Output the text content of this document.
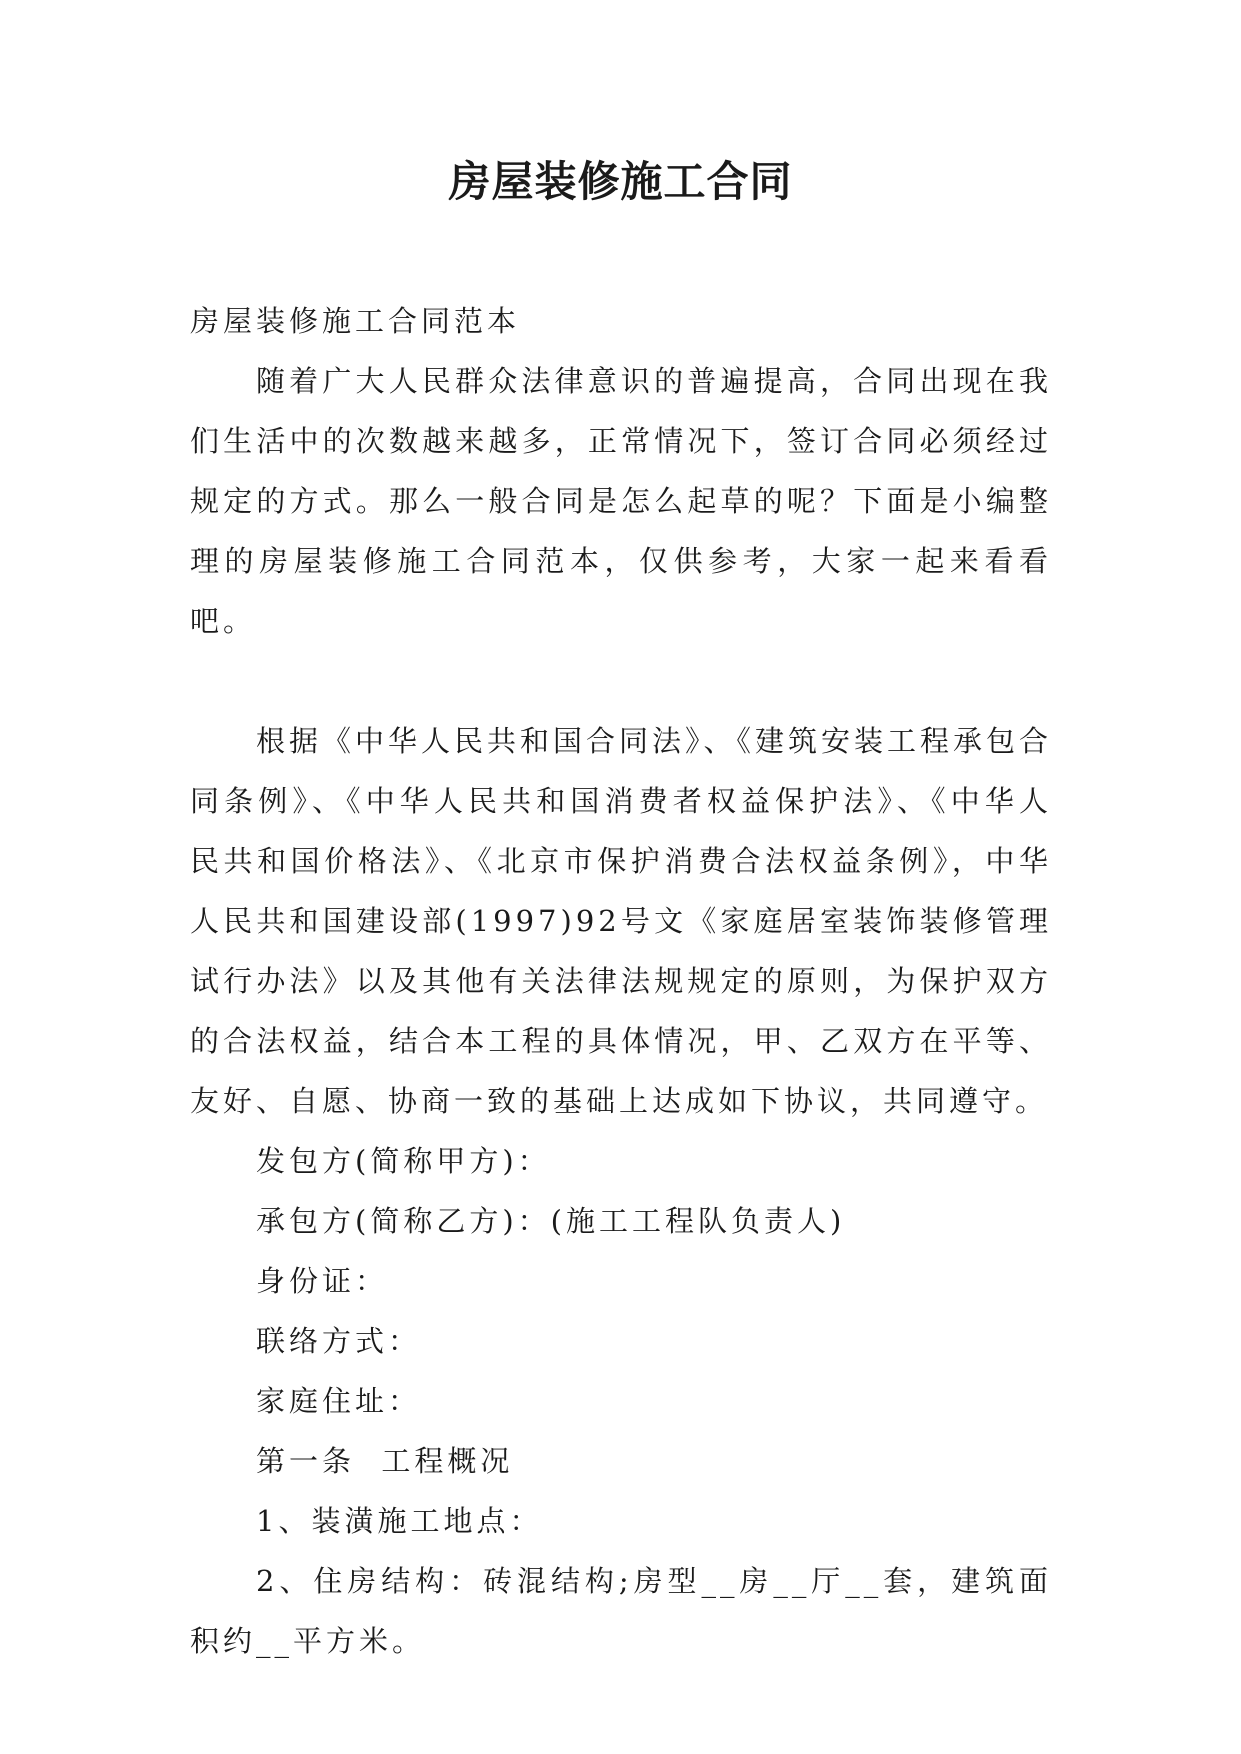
房屋装修施工合同

房屋装修施工合同范本

随着广大人民群众法律意识的普遍提高，合同出现在我们生活中的次数越来越多，正常情况下，签订合同必须经过规定的方式。那么一般合同是怎么起草的呢？下面是小编整理的房屋装修施工合同范本，仅供参考，大家一起来看看吧。

根据《中华人民共和国合同法》、《建筑安装工程承包合同条例》、《中华人民共和国消费者权益保护法》、《中华人民共和国价格法》、《北京市保护消费合法权益条例》，中华人民共和国建设部(1997)92号文《家庭居室装饰装修管理试行办法》以及其他有关法律法规规定的原则，为保护双方的合法权益，结合本工程的具体情况，甲、乙双方在平等、友好、自愿、协商一致的基础上达成如下协议，共同遵守。

发包方(简称甲方)：

承包方(简称乙方)：(施工工程队负责人)

身份证：

联络方式：

家庭住址：

第一条  工程概况

1、装潢施工地点：

2、住房结构：砖混结构;房型__房__厅__套，建筑面积约__平方米。
